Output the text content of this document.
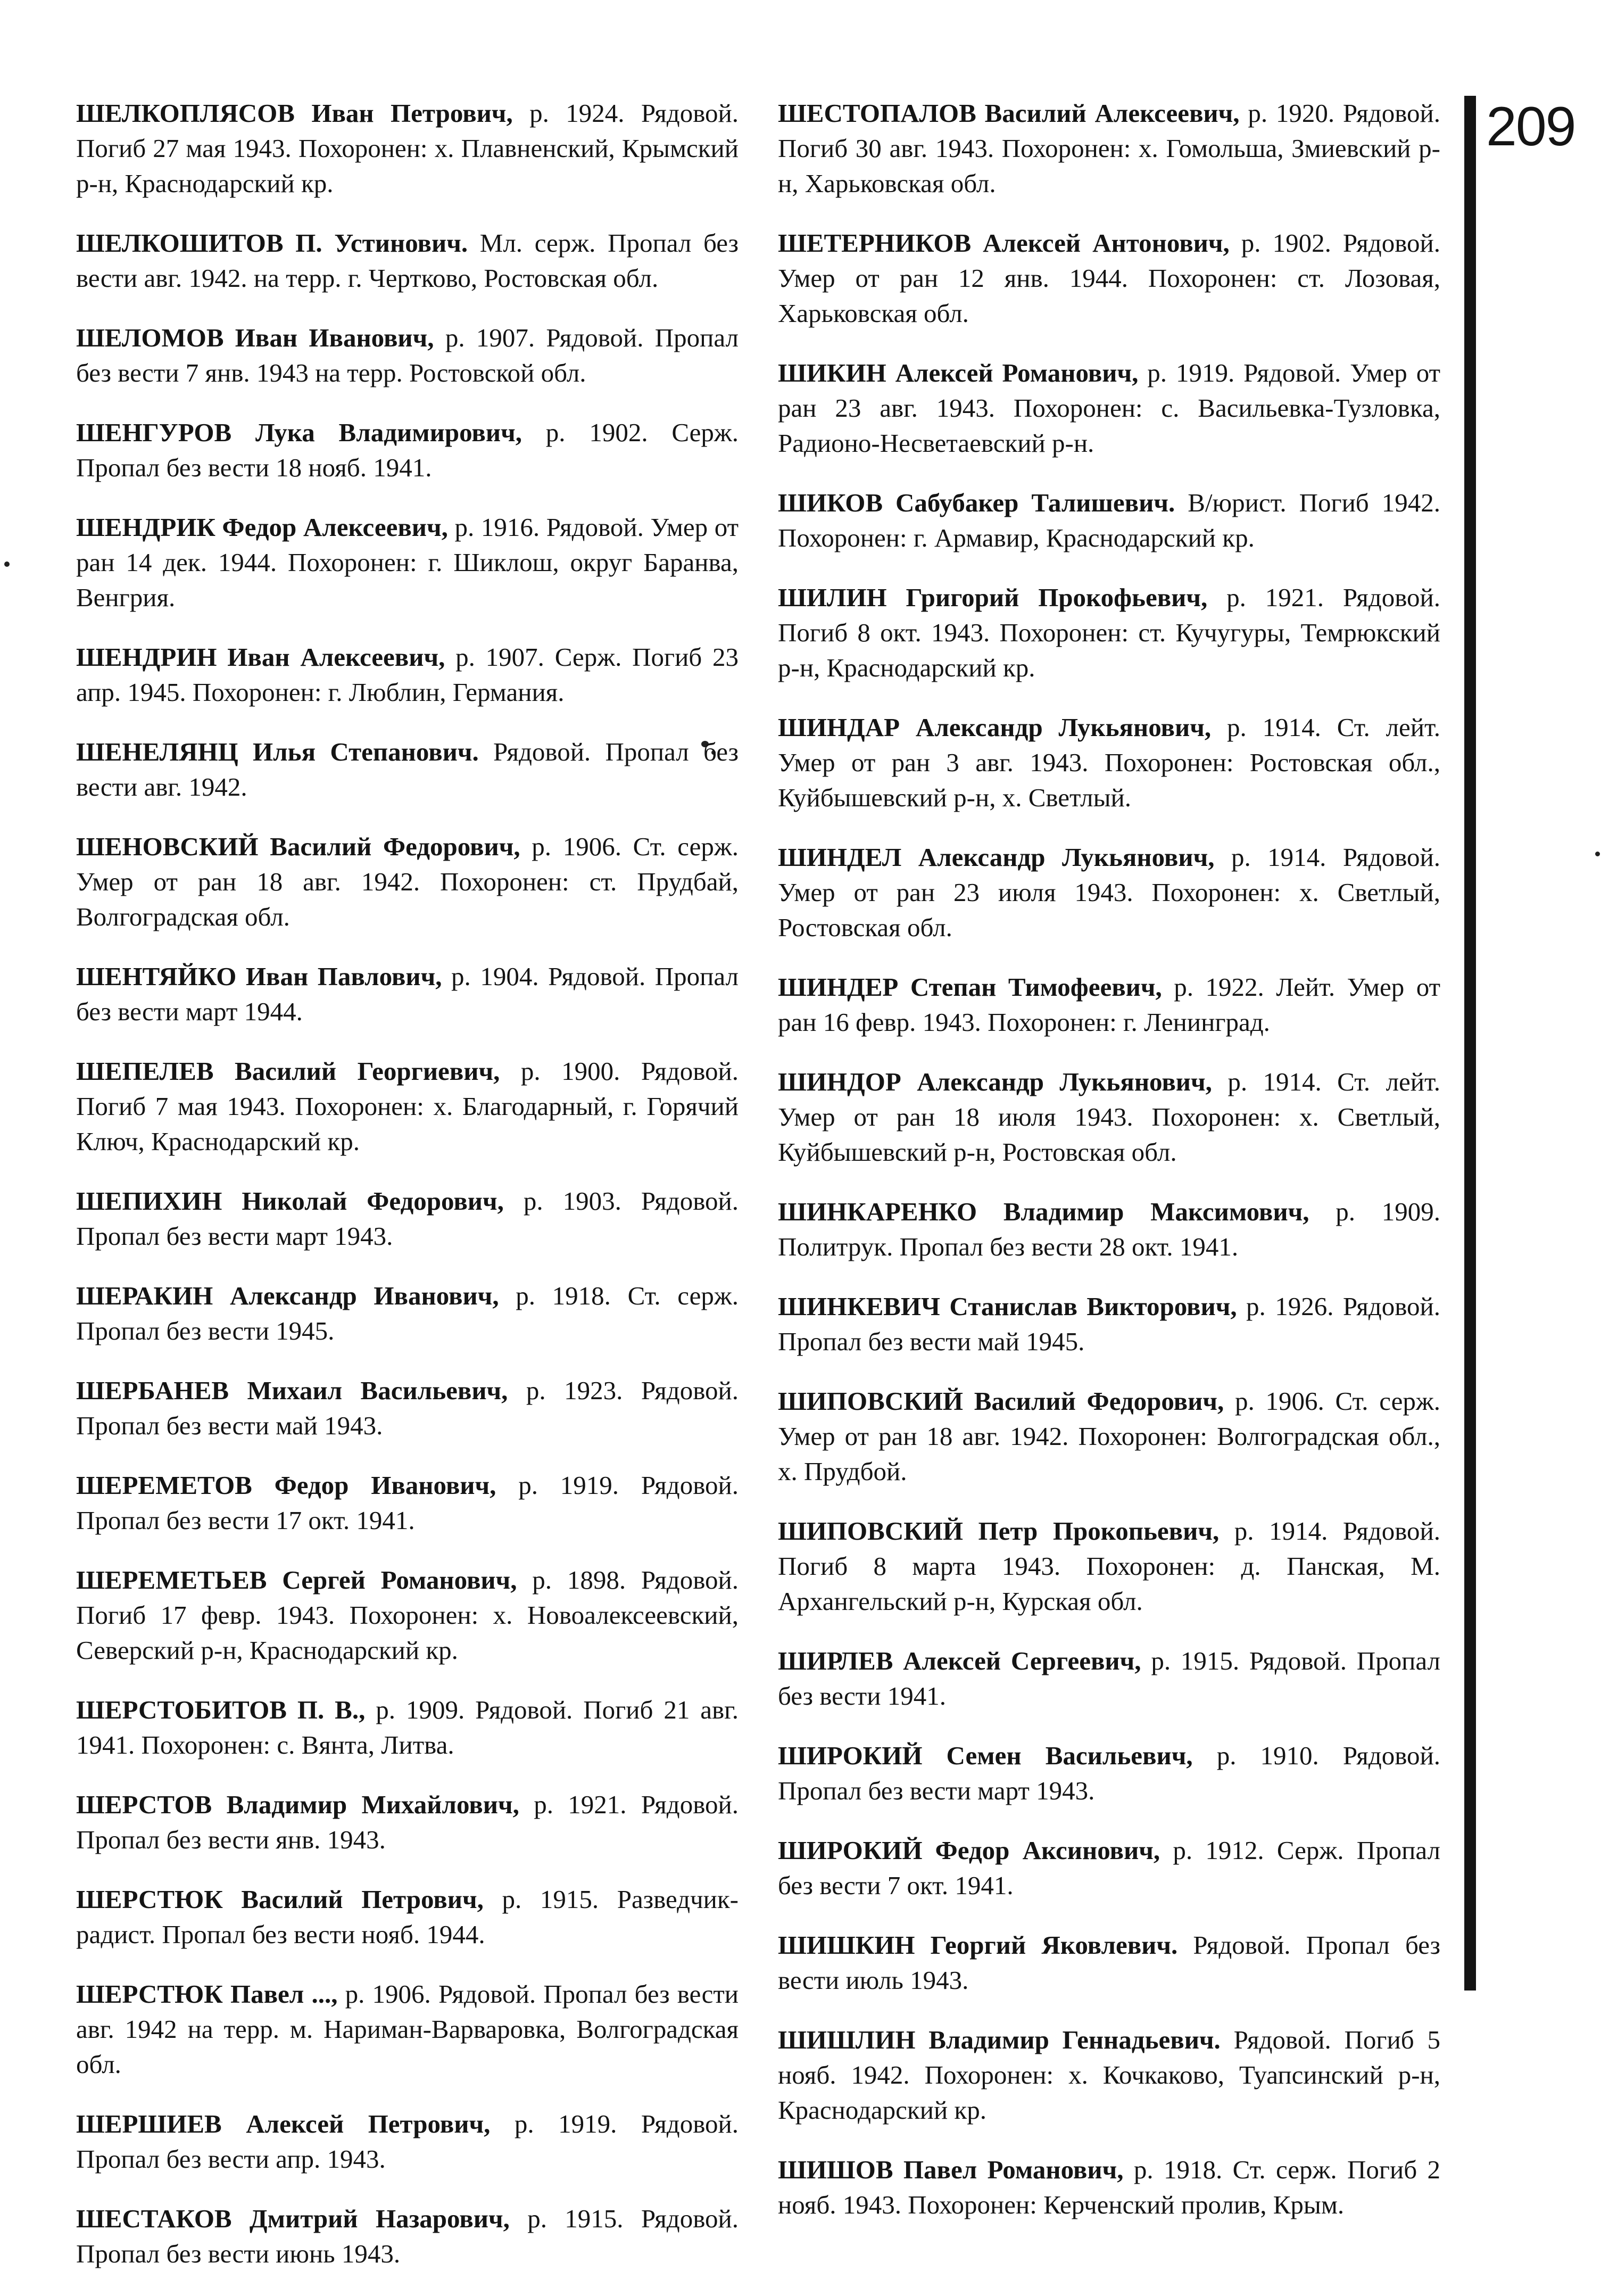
209

ШЕЛКОПЛЯСОВ Иван Петрович, р. 1924. Рядовой. Погиб 27 мая 1943. Похоронен: х. Плавненский, Крымский р-н, Краснодарский кр.

ШЕЛКОШИТОВ П. Устинович. Мл. серж. Пропал без вести авг. 1942. на терр. г. Чертково, Ростовская обл.

ШЕЛОМОВ Иван Иванович, р. 1907. Рядовой. Пропал без вести 7 янв. 1943 на терр. Ростовской обл.

ШЕНГУРОВ Лука Владимирович, р. 1902. Серж. Пропал без вести 18 нояб. 1941.

ШЕНДРИК Федор Алексеевич, р. 1916. Рядовой. Умер от ран 14 дек. 1944. Похоронен: г. Шиклош, округ Баранва, Венгрия.

ШЕНДРИН Иван Алексеевич, р. 1907. Серж. Погиб 23 апр. 1945. Похоронен: г. Люблин, Германия.

ШЕНЕЛЯНЦ Илья Степанович. Рядовой. Пропал без вести авг. 1942.

ШЕНОВСКИЙ Василий Федорович, р. 1906. Ст. серж. Умер от ран 18 авг. 1942. Похоронен: ст. Прудбай, Волгоградская обл.

ШЕНТЯЙКО Иван Павлович, р. 1904. Рядовой. Пропал без вести март 1944.

ШЕПЕЛЕВ Василий Георгиевич, р. 1900. Рядовой. Погиб 7 мая 1943. Похоронен: х. Благодарный, г. Горячий Ключ, Краснодарский кр.

ШЕПИХИН Николай Федорович, р. 1903. Рядовой. Пропал без вести март 1943.

ШЕРАКИН Александр Иванович, р. 1918. Ст. серж. Пропал без вести 1945.

ШЕРБАНЕВ Михаил Васильевич, р. 1923. Рядовой. Пропал без вести май 1943.

ШЕРЕМЕТОВ Федор Иванович, р. 1919. Рядовой. Пропал без вести 17 окт. 1941.

ШЕРЕМЕТЬЕВ Сергей Романович, р. 1898. Рядовой. Погиб 17 февр. 1943. Похоронен: х. Новоалексеевский, Северский р-н, Краснодарский кр.

ШЕРСТОБИТОВ П. В., р. 1909. Рядовой. Погиб 21 авг. 1941. Похоронен: с. Вянта, Литва.

ШЕРСТОВ Владимир Михайлович, р. 1921. Рядовой. Пропал без вести янв. 1943.

ШЕРСТЮК Василий Петрович, р. 1915. Разведчик-радист. Пропал без вести нояб. 1944.

ШЕРСТЮК Павел ..., р. 1906. Рядовой. Пропал без вести авг. 1942 на терр. м. Нариман-Варваровка, Волгоградская обл.

ШЕРШИЕВ Алексей Петрович, р. 1919. Рядовой. Пропал без вести апр. 1943.

ШЕСТАКОВ Дмитрий Назарович, р. 1915. Рядовой. Пропал без вести июнь 1943.

ШЕСТОПАЛОВ Василий Алексеевич, р. 1920. Рядовой. Погиб 30 авг. 1943. Похоронен: х. Гомольша, Змиевский р-н, Харьковская обл.

ШЕТЕРНИКОВ Алексей Антонович, р. 1902. Рядовой. Умер от ран 12 янв. 1944. Похоронен: ст. Лозовая, Харьковская обл.

ШИКИН Алексей Романович, р. 1919. Рядовой. Умер от ран 23 авг. 1943. Похоронен: с. Васильевка-Тузловка, Радионо-Несветаевский р-н.

ШИКОВ Сабубакер Талишевич. В/юрист. Погиб 1942. Похоронен: г. Армавир, Краснодарский кр.

ШИЛИН Григорий Прокофьевич, р. 1921. Рядовой. Погиб 8 окт. 1943. Похоронен: ст. Кучугуры, Темрюкский р-н, Краснодарский кр.

ШИНДАР Александр Лукьянович, р. 1914. Ст. лейт. Умер от ран 3 авг. 1943. Похоронен: Ростовская обл., Куйбышевский р-н, х. Светлый.

ШИНДЕЛ Александр Лукьянович, р. 1914. Рядовой. Умер от ран 23 июля 1943. Похоронен: х. Светлый, Ростовская обл.

ШИНДЕР Степан Тимофеевич, р. 1922. Лейт. Умер от ран 16 февр. 1943. Похоронен: г. Ленинград.

ШИНДОР Александр Лукьянович, р. 1914. Ст. лейт. Умер от ран 18 июля 1943. Похоронен: х. Светлый, Куйбышевский р-н, Ростовская обл.

ШИНКАРЕНКО Владимир Максимович, р. 1909. Политрук. Пропал без вести 28 окт. 1941.

ШИНКЕВИЧ Станислав Викторович, р. 1926. Рядовой. Пропал без вести май 1945.

ШИПОВСКИЙ Василий Федорович, р. 1906. Ст. серж. Умер от ран 18 авг. 1942. Похоронен: Волгоградская обл., х. Прудбой.

ШИПОВСКИЙ Петр Прокопьевич, р. 1914. Рядовой. Погиб 8 марта 1943. Похоронен: д. Панская, М. Архангельский р-н, Курская обл.

ШИРЛЕВ Алексей Сергеевич, р. 1915. Рядовой. Пропал без вести 1941.

ШИРОКИЙ Семен Васильевич, р. 1910. Рядовой. Пропал без вести март 1943.

ШИРОКИЙ Федор Аксинович, р. 1912. Серж. Пропал без вести 7 окт. 1941.

ШИШКИН Георгий Яковлевич. Рядовой. Пропал без вести июль 1943.

ШИШЛИН Владимир Геннадьевич. Рядовой. Погиб 5 нояб. 1942. Похоронен: х. Кочкаково, Туапсинский р-н, Краснодарский кр.

ШИШОВ Павел Романович, р. 1918. Ст. серж. Погиб 2 нояб. 1943. Похоронен: Керченский пролив, Крым.
